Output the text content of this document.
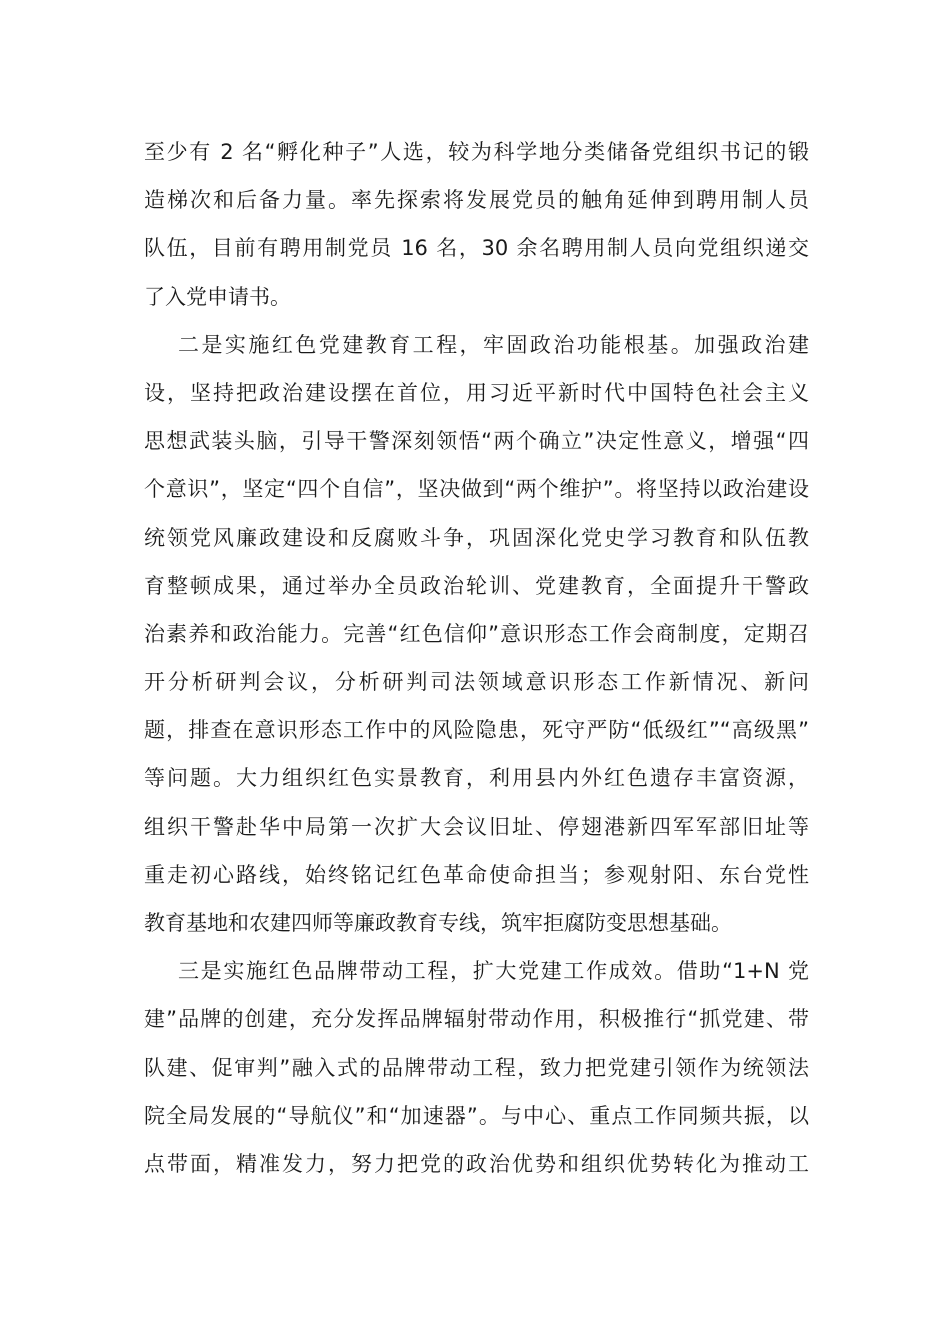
至少有 2 名“孵化种子”人选，较为科学地分类储备党组织书记的锻
造梯次和后备力量。率先探索将发展党员的触角延伸到聘用制人员
队伍，目前有聘用制党员 16 名，30 余名聘用制人员向党组织递交
了入党申请书。
二是实施红色党建教育工程，牢固政治功能根基。加强政治建
设，坚持把政治建设摆在首位，用习近平新时代中国特色社会主义
思想武装头脑，引导干警深刻领悟“两个确立”决定性意义，增强“四
个意识”，坚定“四个自信”，坚决做到“两个维护”。将坚持以政治建设
统领党风廉政建设和反腐败斗争，巩固深化党史学习教育和队伍教
育整顿成果，通过举办全员政治轮训、党建教育，全面提升干警政
治素养和政治能力。完善“红色信仰”意识形态工作会商制度，定期召
开分析研判会议，分析研判司法领域意识形态工作新情况、新问
题，排查在意识形态工作中的风险隐患，死守严防“低级红”“高级黑”
等问题。大力组织红色实景教育，利用县内外红色遗存丰富资源，
组织干警赴华中局第一次扩大会议旧址、停翅港新四军军部旧址等
重走初心路线，始终铭记红色革命使命担当；参观射阳、东台党性
教育基地和农建四师等廉政教育专线，筑牢拒腐防变思想基础。
三是实施红色品牌带动工程，扩大党建工作成效。借助“1+N 党
建”品牌的创建，充分发挥品牌辐射带动作用，积极推行“抓党建、带
队建、促审判”融入式的品牌带动工程，致力把党建引领作为统领法
院全局发展的“导航仪”和“加速器”。与中心、重点工作同频共振，以
点带面，精准发力，努力把党的政治优势和组织优势转化为推动工
